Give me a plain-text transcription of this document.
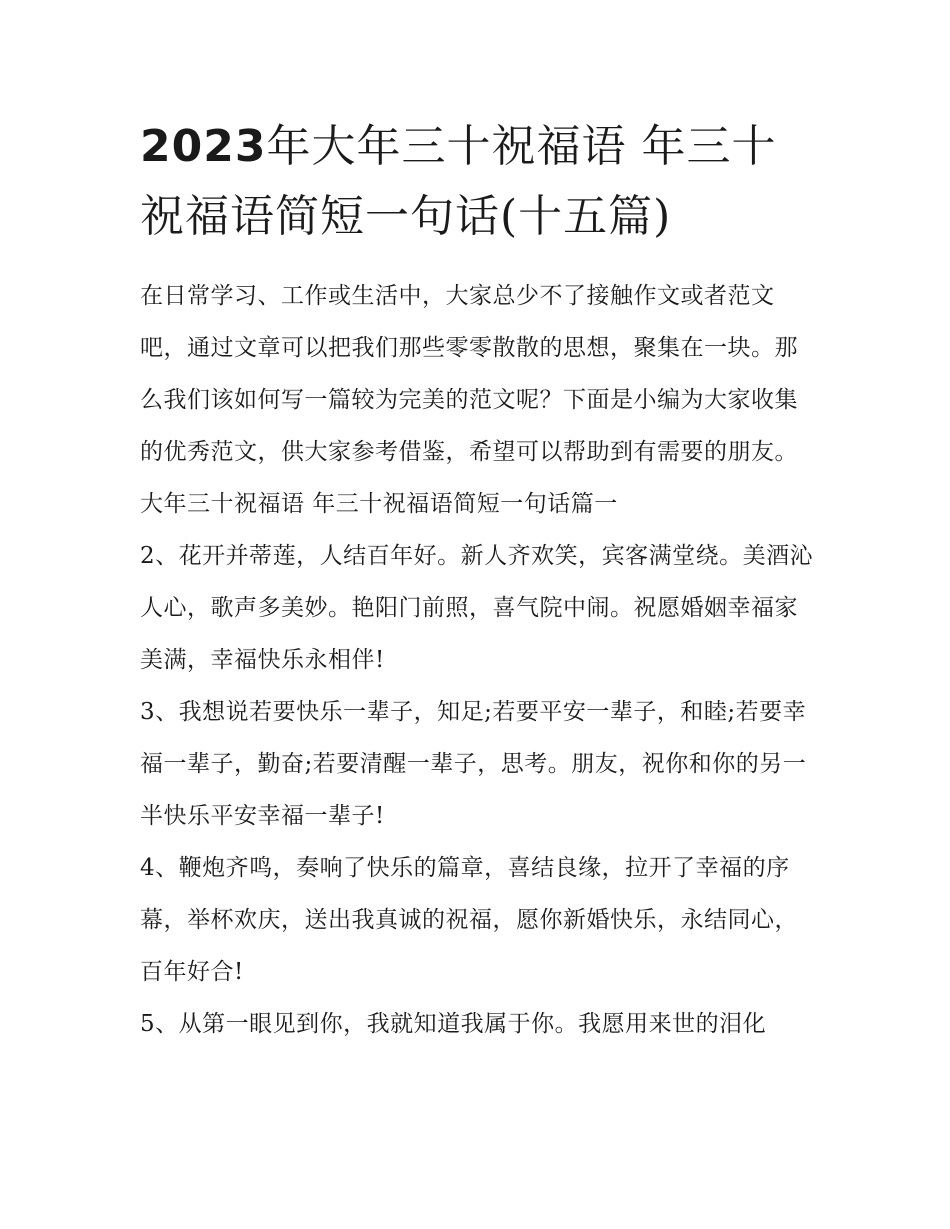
2023年大年三十祝福语 年三十祝福语简短一句话(十五篇)

在日常学习、工作或生活中，大家总少不了接触作文或者范文吧，通过文章可以把我们那些零零散散的思想，聚集在一块。那么我们该如何写一篇较为完美的范文呢？下面是小编为大家收集的优秀范文，供大家参考借鉴，希望可以帮助到有需要的朋友。

大年三十祝福语 年三十祝福语简短一句话篇一

2、花开并蒂莲，人结百年好。新人齐欢笑，宾客满堂绕。美酒沁人心，歌声多美妙。艳阳门前照，喜气院中闹。祝愿婚姻幸福家美满，幸福快乐永相伴!

3、我想说若要快乐一辈子，知足;若要平安一辈子，和睦;若要幸福一辈子，勤奋;若要清醒一辈子，思考。朋友，祝你和你的另一半快乐平安幸福一辈子!

4、鞭炮齐鸣，奏响了快乐的篇章，喜结良缘，拉开了幸福的序幕，举杯欢庆，送出我真诚的祝福，愿你新婚快乐，永结同心，百年好合!

5、从第一眼见到你，我就知道我属于你。我愿用来世的泪化
